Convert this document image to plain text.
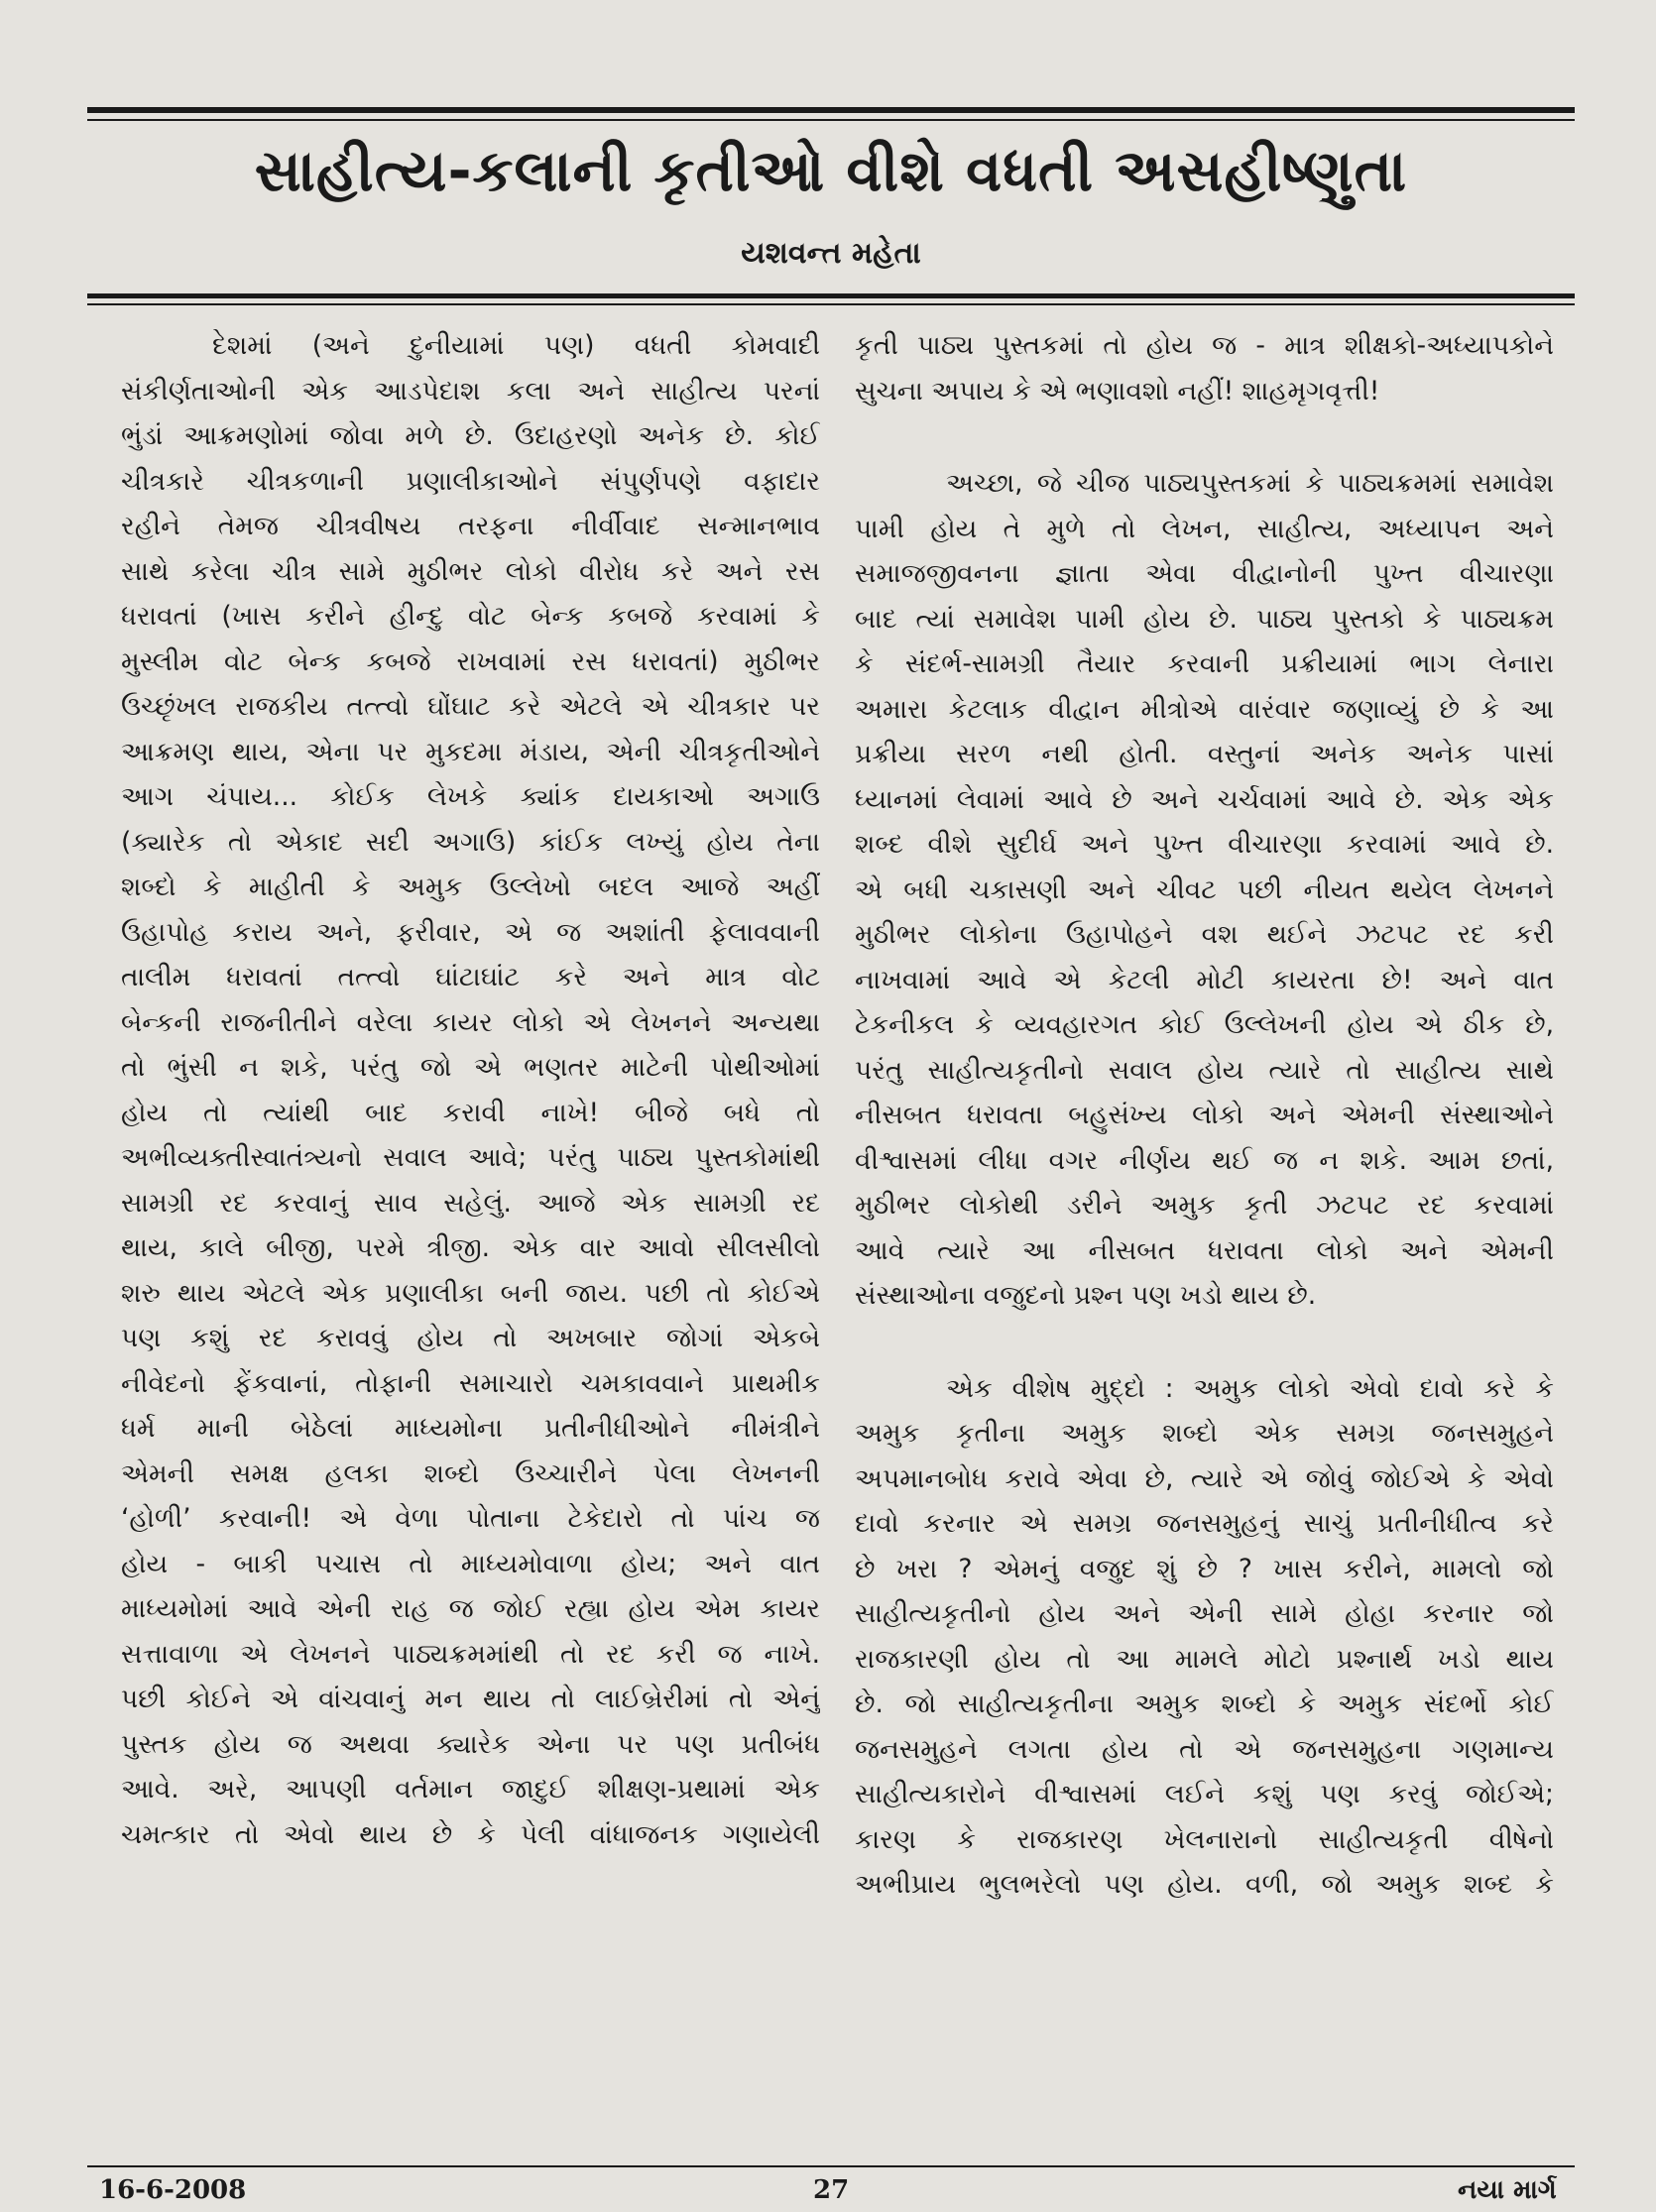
સાહીત્ય-કલાની કૃતીઓ વીશે વધતી અસહીષ્ણુતા
યશવન્ત મહેતા
દેશમાં (અને દુનીયામાં પણ) વધતી કોમવાદી
સંકીર્ણતાઓની એક આડપેદાશ કલા અને સાહીત્ય પરનાં
ભુંડાં આક્રમણોમાં જોવા મળે છે. ઉદાહરણો અનેક છે. કોઈ
ચીત્રકારે ચીત્રકળાની પ્રણાલીકાઓને સંપુર્ણપણે વફાદાર
રહીને તેમજ ચીત્રવીષય તરફના નીર્વીવાદ સન્માનભાવ
સાથે કરેલા ચીત્ર સામે મુઠીભર લોકો વીરોધ કરે અને રસ
ધરાવતાં (ખાસ કરીને હીન્દુ વોટ બેન્ક કબજે કરવામાં કે
મુસ્લીમ વોટ બેન્ક કબજે રાખવામાં રસ ધરાવતાં) મુઠીભર
ઉચ્છૃંખલ રાજકીય તત્ત્વો ઘોંઘાટ કરે એટલે એ ચીત્રકાર પર
આક્રમણ થાય, એના પર મુકદમા મંડાય, એની ચીત્રકૃતીઓને
આગ ચંપાય... કોઈક લેખકે ક્યાંક દાયકાઓ અગાઉ
(ક્યારેક તો એકાદ સદી અગાઉ) કાંઈક લખ્યું હોય તેના
શબ્દો કે માહીતી કે અમુક ઉલ્લેખો બદલ આજે અહીં
ઉહાપોહ કરાય અને, ફરીવાર, એ જ અશાંતી ફેલાવવાની
તાલીમ ધરાવતાં તત્ત્વો ઘાંટાઘાંટ કરે અને માત્ર વોટ
બેન્કની રાજનીતીને વરેલા કાયર લોકો એ લેખનને અન્યથા
તો ભુંસી ન શકે, પરંતુ જો એ ભણતર માટેની પોથીઓમાં
હોય તો ત્યાંથી બાદ કરાવી નાખે! બીજે બધે તો
અભીવ્યક્તીસ્વાતંત્ર્યનો સવાલ આવે; પરંતુ પાઠ્ય પુસ્તકોમાંથી
સામગ્રી રદ કરવાનું સાવ સહેલું. આજે એક સામગ્રી રદ
થાય, કાલે બીજી, પરમે ત્રીજી. એક વાર આવો સીલસીલો
શરુ થાય એટલે એક પ્રણાલીકા બની જાય. પછી તો કોઈએ
પણ કશું રદ કરાવવું હોય તો અખબાર જોગાં એકબે
નીવેદનો ફેંકવાનાં, તોફાની સમાચારો ચમકાવવાને પ્રાથમીક
ધર્મ માની બેઠેલાં માધ્યમોના પ્રતીનીધીઓને નીમંત્રીને
એમની સમક્ષ હલકા શબ્દો ઉચ્ચારીને પેલા લેખનની
‘હોળી’ કરવાની! એ વેળા પોતાના ટેકેદારો તો પાંચ જ
હોય - બાકી પચાસ તો માધ્યમોવાળા હોય; અને વાત
માધ્યમોમાં આવે એની રાહ જ જોઈ રહ્યા હોય એમ કાયર
સત્તાવાળા એ લેખનને પાઠ્યક્રમમાંથી તો રદ કરી જ નાખે.
પછી કોઈને એ વાંચવાનું મન થાય તો લાઈબ્રેરીમાં તો એનું
પુસ્તક હોય જ અથવા ક્યારેક એના પર પણ પ્રતીબંધ
આવે. અરે, આપણી વર્તમાન જાદુઈ શીક્ષણ-પ્રથામાં એક
ચમત્કાર તો એવો થાય છે કે પેલી વાંધાજનક ગણાયેલી
કૃતી પાઠ્ય પુસ્તકમાં તો હોય જ - માત્ર શીક્ષકો-અધ્યાપકોને
સુચના અપાય કે એ ભણાવશો નહીં! શાહમૃગવૃત્તી!
અચ્છા, જે ચીજ પાઠ્યપુસ્તકમાં કે પાઠ્યક્રમમાં સમાવેશ
પામી હોય તે મુળે તો લેખન, સાહીત્ય, અધ્યાપન અને
સમાજજીવનના જ્ઞાતા એવા વીદ્વાનોની પુખ્ત વીચારણા
બાદ ત્યાં સમાવેશ પામી હોય છે. પાઠ્ય પુસ્તકો કે પાઠ્યક્રમ
કે સંદર્ભ-સામગ્રી તૈયાર કરવાની પ્રક્રીયામાં ભાગ લેનારા
અમારા કેટલાક વીદ્વાન મીત્રોએ વારંવાર જણાવ્યું છે કે આ
પ્રક્રીયા સરળ નથી હોતી. વસ્તુનાં અનેક અનેક પાસાં
ધ્યાનમાં લેવામાં આવે છે અને ચર્ચવામાં આવે છે. એક એક
શબ્દ વીશે સુદીર્ઘ અને પુખ્ત વીચારણા કરવામાં આવે છે.
એ બધી ચકાસણી અને ચીવટ પછી નીયત થયેલ લેખનને
મુઠીભર લોકોના ઉહાપોહને વશ થઈને ઝટપટ રદ કરી
નાખવામાં આવે એ કેટલી મોટી કાયરતા છે! અને વાત
ટેકનીકલ કે વ્યવહારગત કોઈ ઉલ્લેખની હોય એ ઠીક છે,
પરંતુ સાહીત્યકૃતીનો સવાલ હોય ત્યારે તો સાહીત્ય સાથે
નીસબત ધરાવતા બહુસંખ્ય લોકો અને એમની સંસ્થાઓને
વીશ્વાસમાં લીધા વગર નીર્ણય થઈ જ ન શકે. આમ છતાં,
મુઠીભર લોકોથી ડરીને અમુક કૃતી ઝટપટ રદ કરવામાં
આવે ત્યારે આ નીસબત ધરાવતા લોકો અને એમની
સંસ્થાઓના વજુદનો પ્રશ્ન પણ ખડો થાય છે.
એક વીશેષ મુદ્દો : અમુક લોકો એવો દાવો કરે કે
અમુક કૃતીના અમુક શબ્દો એક સમગ્ર જનસમુહને
અપમાનબોધ કરાવે એવા છે, ત્યારે એ જોવું જોઈએ કે એવો
દાવો કરનાર એ સમગ્ર જનસમુહનું સાચું પ્રતીનીધીત્વ કરે
છે ખરા ? એમનું વજુદ શું છે ? ખાસ કરીને, મામલો જો
સાહીત્યકૃતીનો હોય અને એની સામે હોહા કરનાર જો
રાજકારણી હોય તો આ મામલે મોટો પ્રશ્નાર્થ ખડો થાય
છે. જો સાહીત્યકૃતીના અમુક શબ્દો કે અમુક સંદર્ભો કોઈ
જનસમુહને લગતા હોય તો એ જનસમુહના ગણમાન્ય
સાહીત્યકારોને વીશ્વાસમાં લઈને કશું પણ કરવું જોઈએ;
કારણ કે રાજકારણ ખેલનારાનો સાહીત્યકૃતી વીષેનો
અભીપ્રાય ભુલભરેલો પણ હોય. વળી, જો અમુક શબ્દ કે
16-6-2008	27	નયા માર્ગ
